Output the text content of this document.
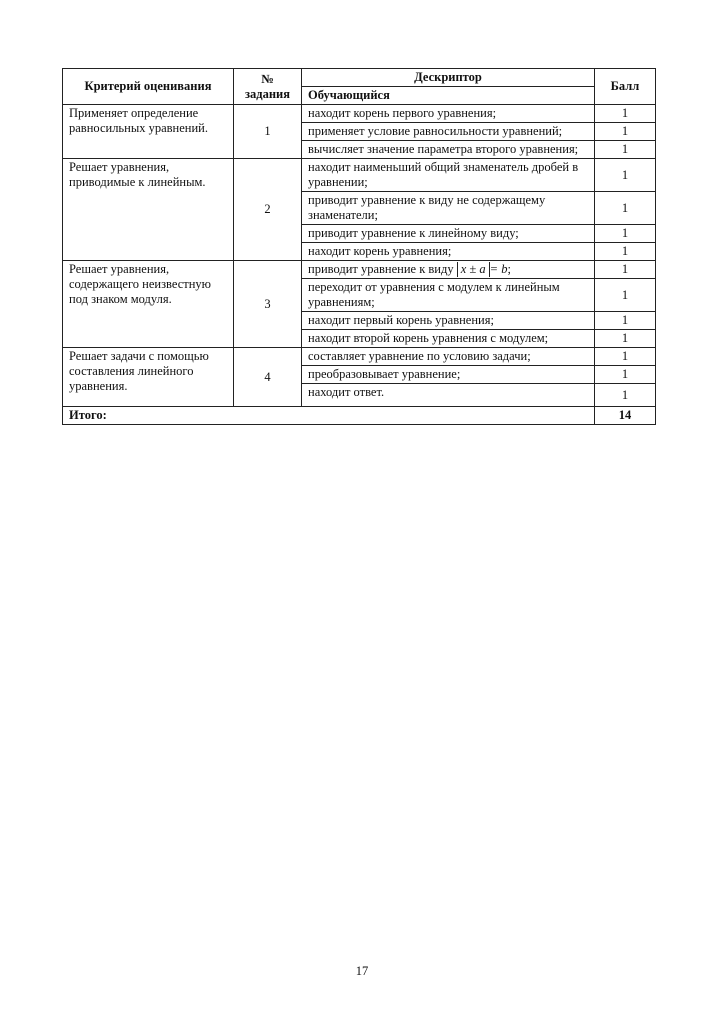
Критерий оценивания	№ задания	Дескриптор	Балл
		Обучающийся	
Применяет определение равносильных уравнений.	1	находит корень первого уравнения;	1
		применяет условие равносильности уравнений;	1
		вычисляет значение параметра второго уравнения;	1
Решает уравнения, приводимые к линейным.	2	находит наименьший общий знаменатель дробей в уравнении;	1
		приводит уравнение к виду не содержащему знаменатели;	1
		приводит уравнение к линейному виду;	1
		находит корень уравнения;	1
Решает уравнения, содержащего неизвестную под знаком модуля.	3	приводит уравнение к виду x ± a = b;	1
		переходит от уравнения с модулем к линейным уравнениям;	1
		находит первый корень уравнения;	1
		находит второй корень уравнения с модулем;	1
Решает задачи с помощью составления линейного уравнения.	4	составляет уравнение по условию задачи;	1
		преобразовывает уравнение;	1
		находит ответ.	1
Итого:			14
17
